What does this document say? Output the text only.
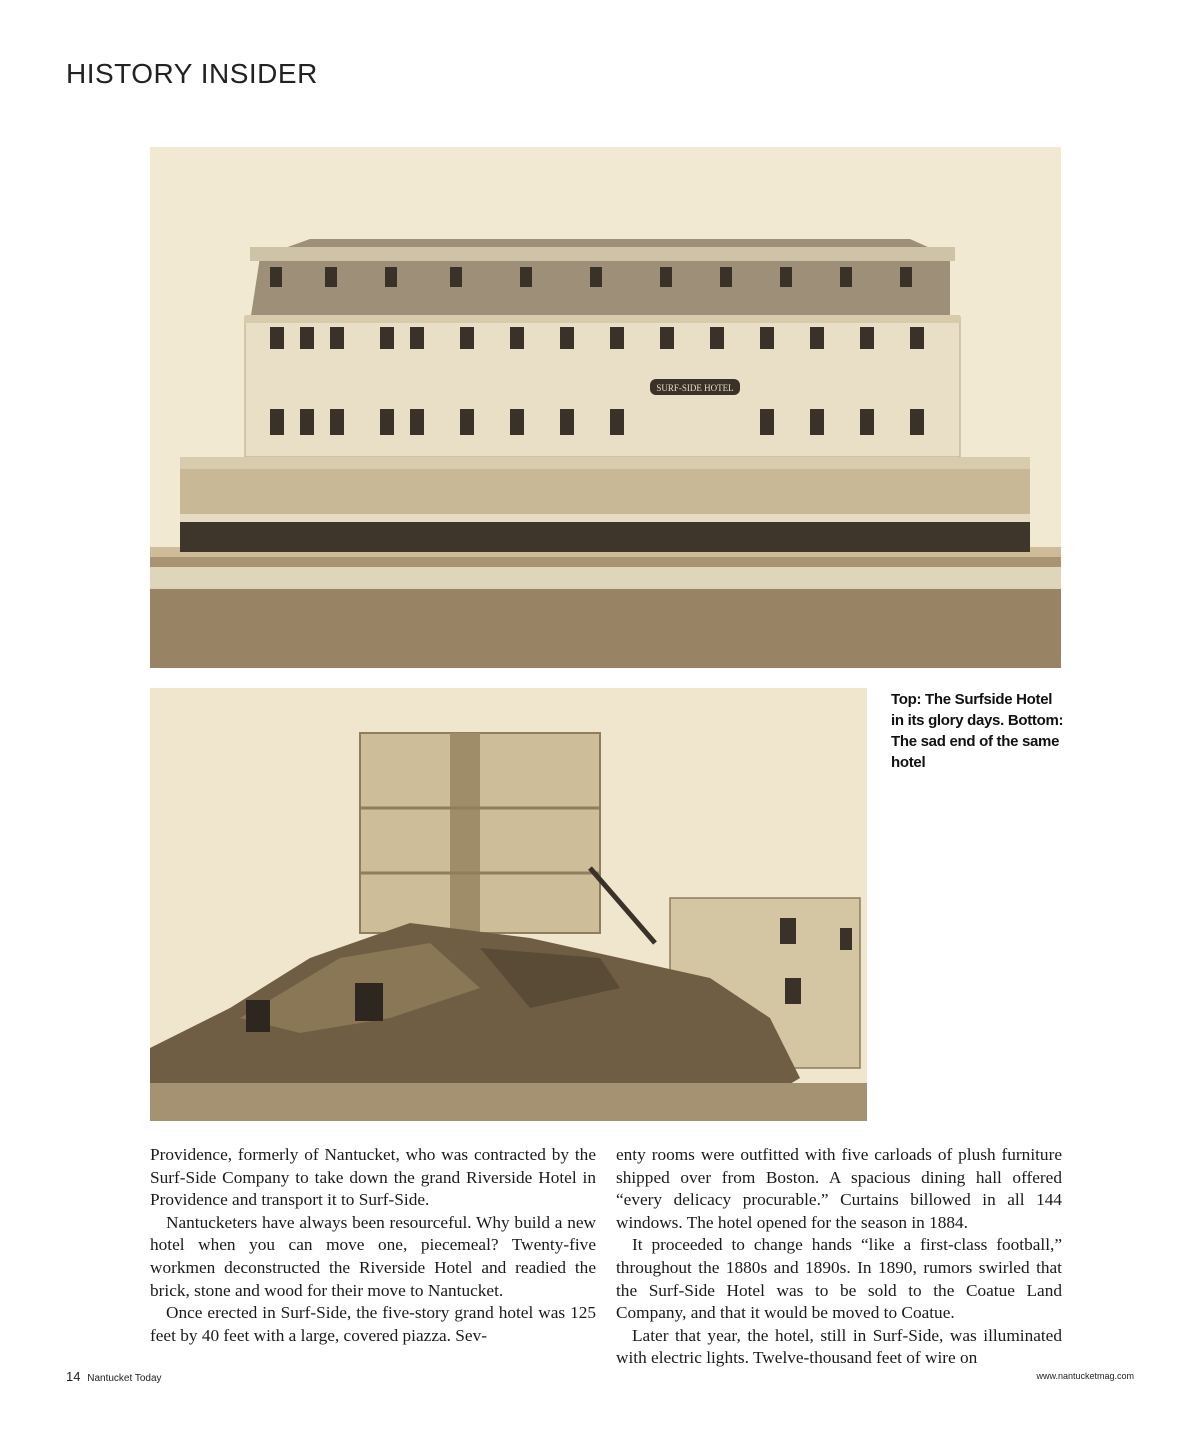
HISTORY INSIDER
SURF-SIDE HOTEL
Top: The Surfside Hotel in its glory days. Bottom: The sad end of the same hotel

Providence, formerly of Nantucket, who was contracted by the Surf-Side Company to take down the grand Riverside Hotel in Providence and transport it to Surf-Side.

Nantucketers have always been resourceful. Why build a new hotel when you can move one, piecemeal? Twenty-five workmen deconstructed the Riverside Hotel and readied the brick, stone and wood for their move to Nantucket.

Once erected in Surf-Side, the five-story grand hotel was 125 feet by 40 feet with a large, covered piazza. Sev-

enty rooms were outfitted with five carloads of plush furniture shipped over from Boston. A spacious dining hall offered “every delicacy procurable.” Curtains billowed in all 144 windows. The hotel opened for the season in 1884.

It proceeded to change hands “like a first-class football,” throughout the 1880s and 1890s. In 1890, rumors swirled that the Surf-Side Hotel was to be sold to the Coatue Land Company, and that it would be moved to Coatue.

Later that year, the hotel, still in Surf-Side, was illuminated with electric lights. Twelve-thousand feet of wire on

14 Nantucket Today	www.nantucketmag.com
